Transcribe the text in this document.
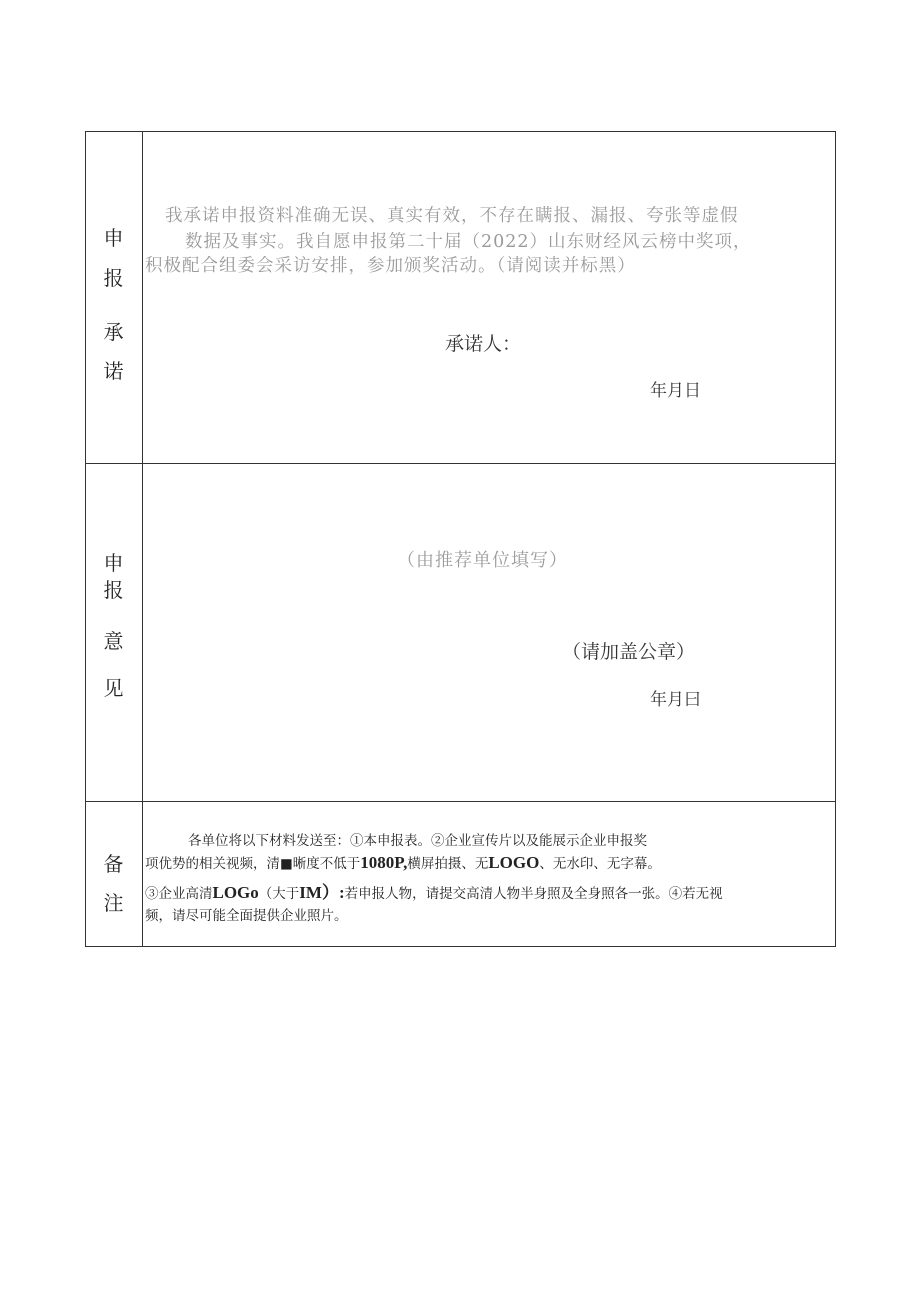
申
报
承
诺
我承诺申报资料准确无误、真实有效，不存在瞒报、漏报、夸张等虚假
数据及事实。我自愿申报第二十届（2022）山东财经风云榜中奖项，
积极配合组委会采访安排，参加颁奖活动。（请阅读并标黑）
承诺人：
年月日
申
报
意
见
（由推荐单位填写）
（请加盖公章）
年月曰
备
注
各单位将以下材料发送至：①本申报表。②企业宣传片以及能展示企业申报奖
项优势的相关视频，清■晰度不低于1080P,横屏拍摄、无LOGO、无水印、无字幕。
③企业高清LOGo（大于IM）:若申报人物，请提交高清人物半身照及全身照各一张。④若无视
频，请尽可能全面提供企业照片。
